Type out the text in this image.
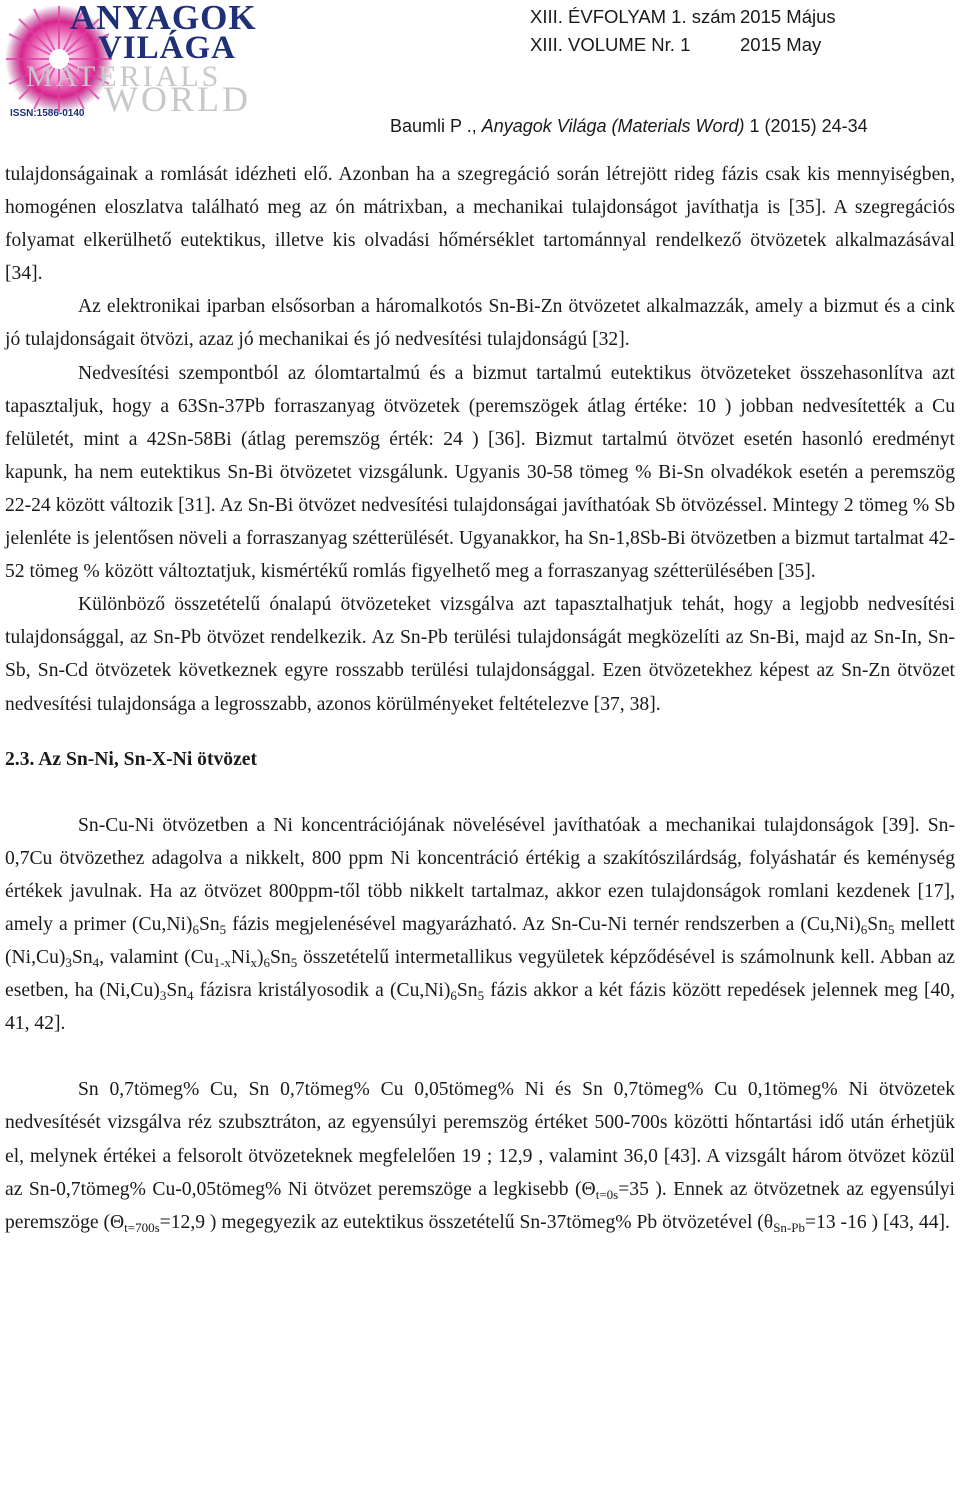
MATERIALS
WORLD
ANYAGOK
VILÁGA
ISSN:1586-0140
XIII. ÉVFOLYAM 1. szám 2015 Május
XIII. VOLUME Nr. 1	2015 May
Baumli P ., Anyagok Világa (Materials Word) 1 (2015) 24-34

tulajdonságainak a romlását idézheti elő. Azonban ha a szegregáció során létrejött rideg fázis csak kis mennyiségben, homogénen eloszlatva található meg az ón mátrixban, a mechanikai tulajdonságot javíthatja is [35]. A szegregációs folyamat elkerülhető eutektikus, illetve kis olvadási hőmérséklet tartománnyal rendelkező ötvözetek alkalmazásával [34].

Az elektronikai iparban elsősorban a háromalkotós Sn-Bi-Zn ötvözetet alkalmazzák, amely a bizmut és a cink jó tulajdonságait ötvözi, azaz jó mechanikai és jó nedvesítési tulajdonságú [32].

Nedvesítési szempontból az ólomtartalmú és a bizmut tartalmú eutektikus ötvözeteket összehasonlítva azt tapasztaljuk, hogy a 63Sn-37Pb forraszanyag ötvözetek (peremszögek átlag értéke: 10 ) jobban nedvesítették a Cu felületét, mint a 42Sn-58Bi (átlag peremszög érték: 24 ) [36]. Bizmut tartalmú ötvözet esetén hasonló eredményt kapunk, ha nem eutektikus Sn-Bi ötvözetet vizsgálunk. Ugyanis 30-58 tömeg % Bi-Sn olvadékok esetén a peremszög 22-24 között változik [31]. Az Sn-Bi ötvözet nedvesítési tulajdonságai javíthatóak Sb ötvözéssel. Mintegy 2 tömeg % Sb jelenléte is jelentősen növeli a forraszanyag szétterülését. Ugyanakkor, ha Sn-1,8Sb-Bi ötvözetben a bizmut tartalmat 42-52 tömeg % között változtatjuk, kismértékű romlás figyelhető meg a forraszanyag szétterülésében [35].

Különböző összetételű ónalapú ötvözeteket vizsgálva azt tapasztalhatjuk tehát, hogy a legjobb nedvesítési tulajdonsággal, az Sn-Pb ötvözet rendelkezik. Az Sn-Pb terülési tulajdonságát megközelíti az Sn-Bi, majd az Sn-In, Sn-Sb, Sn-Cd ötvözetek következnek egyre rosszabb terülési tulajdonsággal. Ezen ötvözetekhez képest az Sn-Zn ötvözet nedvesítési tulajdonsága a legrosszabb, azonos körülményeket feltételezve [37, 38].

2.3. Az Sn-Ni, Sn-X-Ni ötvözet

Sn-Cu-Ni ötvözetben a Ni koncentrációjának növelésével javíthatóak a mechanikai tulajdonságok [39]. Sn-0,7Cu ötvözethez adagolva a nikkelt, 800 ppm Ni koncentráció értékig a szakítószilárdság, folyáshatár és keménység értékek javulnak. Ha az ötvözet 800ppm-től több nikkelt tartalmaz, akkor ezen tulajdonságok romlani kezdenek [17], amely a primer $(Cu,Ni)_6Sn_5$ fázis megjelenésével magyarázható. Az Sn-Cu-Ni ternér rendszerben a $(Cu,Ni)_6Sn_5$ mellett $(Ni,Cu)_3Sn_4$, valamint $(Cu_{1-x}Ni_x)_6Sn_5$ összetételű intermetallikus vegyületek képződésével is számolnunk kell. Abban az esetben, ha $(Ni,Cu)_3Sn_4$ fázisra kristályosodik a $(Cu,Ni)_6Sn_5$ fázis akkor a két fázis között repedések jelennek meg [40, 41, 42].

Sn 0,7tömeg% Cu, Sn 0,7tömeg% Cu 0,05tömeg% Ni és Sn 0,7tömeg% Cu 0,1tömeg% Ni ötvözetek nedvesítését vizsgálva réz szubsztráton, az egyensúlyi peremszög értéket 500-700s közötti hőntartási idő után érhetjük el, melynek értékei a felsorolt ötvözeteknek megfelelően 19 ; 12,9 , valamint 36,0 [43]. A vizsgált három ötvözet közül az Sn-0,7tömeg% Cu-0,05tömeg% Ni ötvözet peremszöge a legkisebb ($\Theta_{t=0s}=35$ ). Ennek az ötvözetnek az egyensúlyi peremszöge ($\Theta_{t=700s}=12,9$ ) megegyezik az eutektikus összetételű Sn-37tömeg% Pb ötvözetével ($\theta_{Sn-Pb}=13$ -16 ) [43, 44].
